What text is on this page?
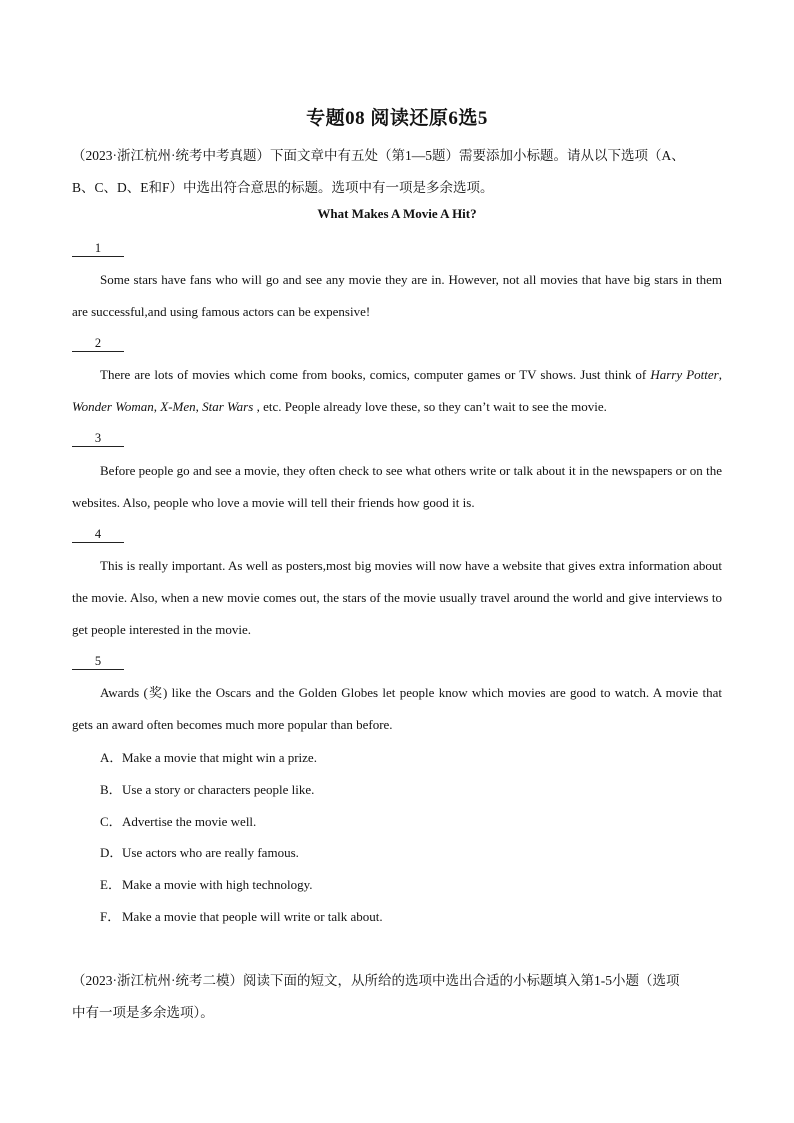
专题08 阅读还原6选5
（2023·浙江杭州·统考中考真题）下面文章中有五处（第1—5题）需要添加小标题。请从以下选项（A、
B、C、D、E和F）中选出符合意思的标题。选项中有一项是多余选项。
What Makes A Movie A Hit?
1
Some stars have fans who will go and see any movie they are in. However, not all movies that have big stars in them are successful,and using famous actors can be expensive!
2
There are lots of movies which come from books, comics, computer games or TV shows. Just think of Harry Potter, Wonder Woman, X-Men, Star Wars , etc. People already love these, so they can’t wait to see the movie.
3
Before people go and see a movie, they often check to see what others write or talk about it in the newspapers or on the websites. Also, people who love a movie will tell their friends how good it is.
4
This is really important. As well as posters,most big movies will now have a website that gives extra information about the movie. Also, when a new movie comes out, the stars of the movie usually travel around the world and give interviews to get people interested in the movie.
5
Awards (奖) like the Oscars and the Golden Globes let people know which movies are good to watch. A movie that gets an award often becomes much more popular than before.
A．Make a movie that might win a prize.
B．Use a story or characters people like.
C．Advertise the movie well.
D．Use actors who are really famous.
E．Make a movie with high technology.
F． Make a movie that people will write or talk about.
（2023·浙江杭州·统考二模）阅读下面的短文，从所给的选项中选出合适的小标题填入第1-5小题（选项
中有一项是多余选项）。
